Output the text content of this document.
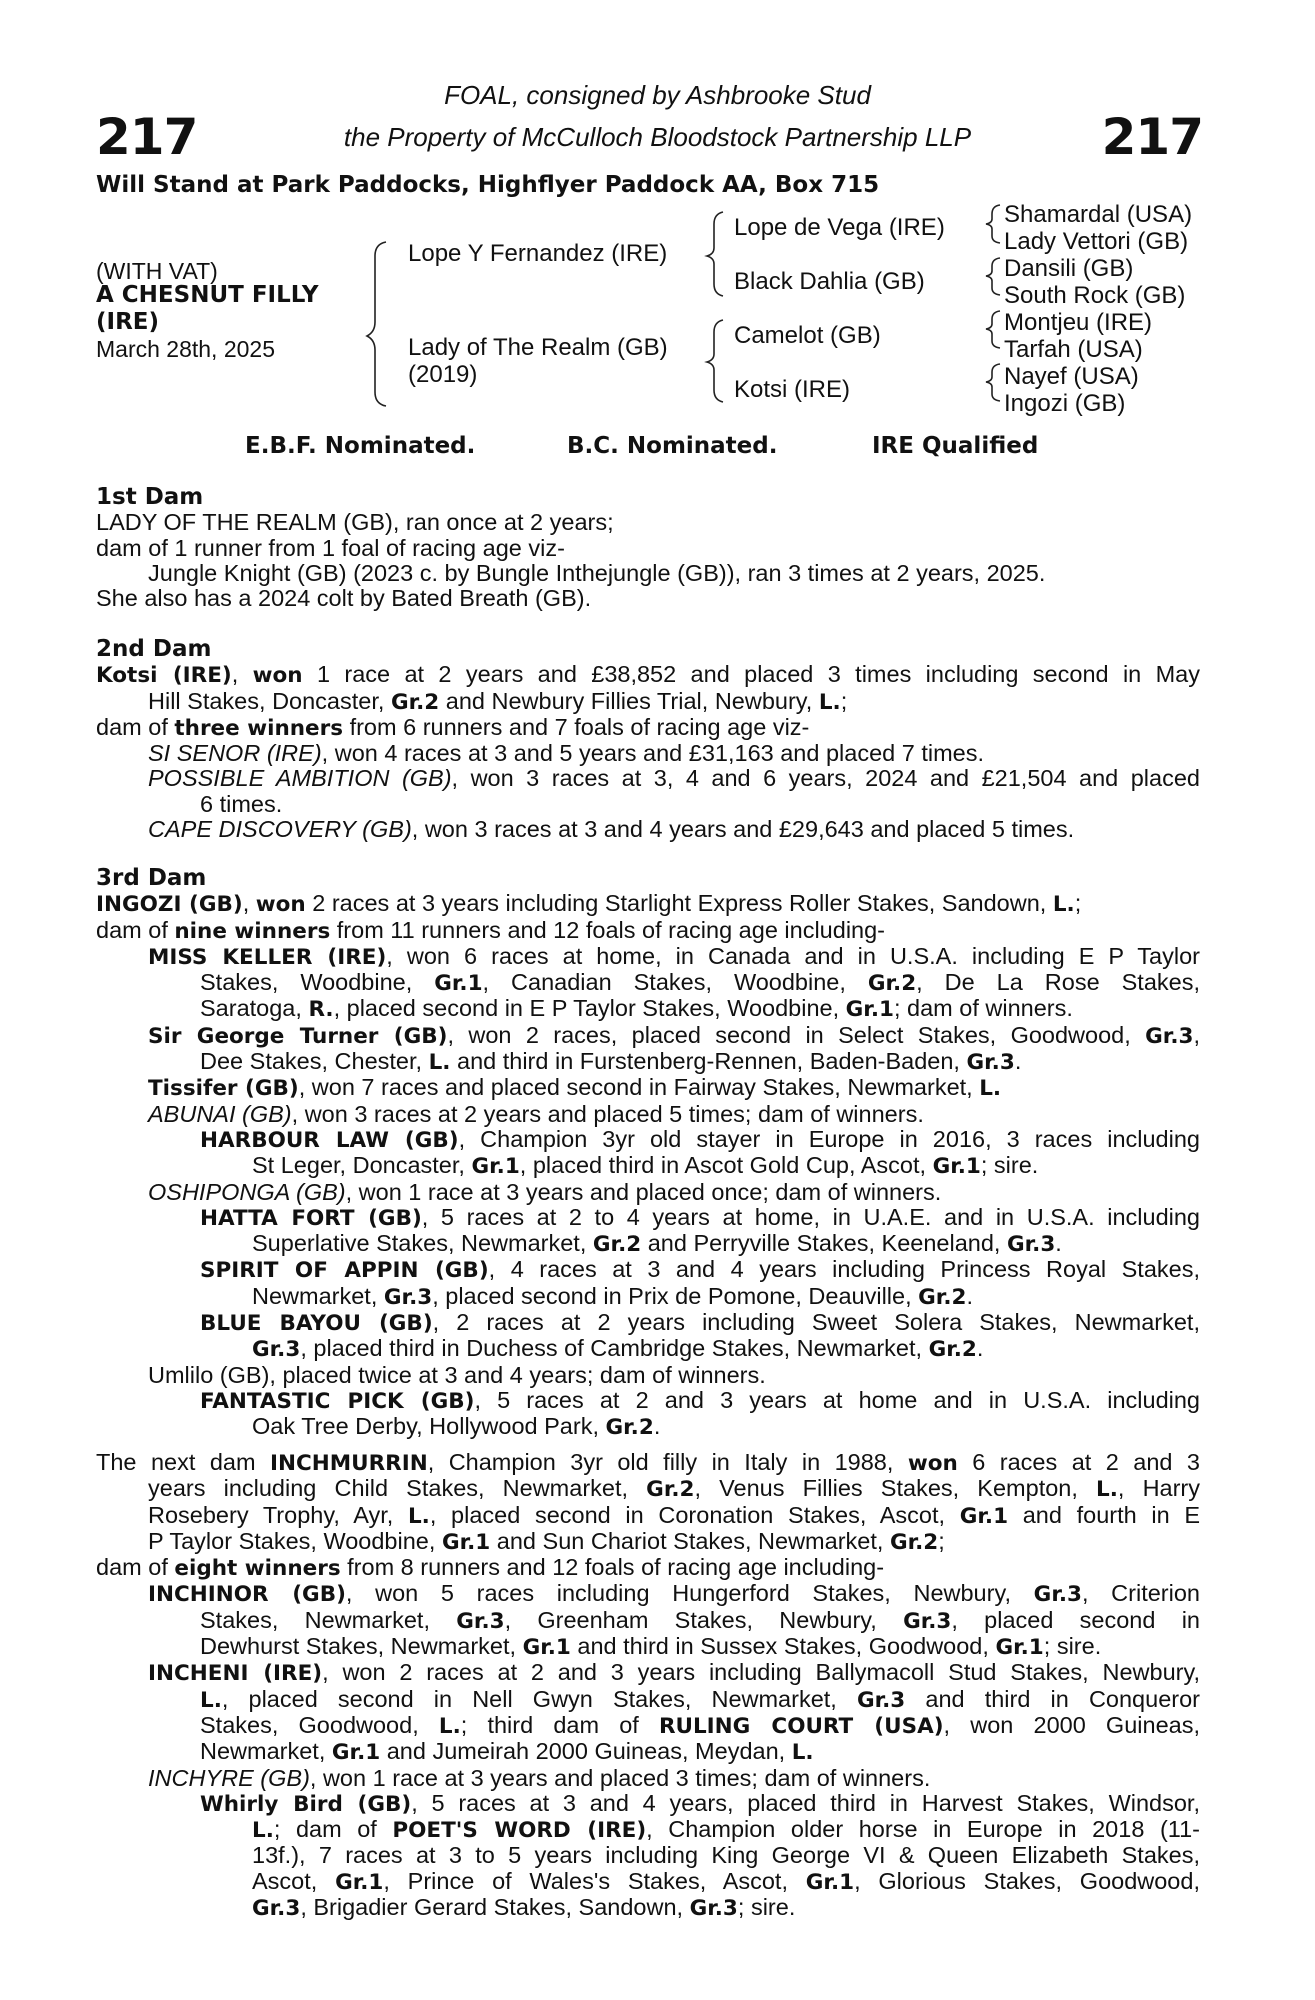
217	217
FOAL, consigned by Ashbrooke Stud
the Property of McCulloch Bloodstock Partnership LLP
Will Stand at Park Paddocks, Highflyer Paddock AA, Box 715
(WITH VAT)
A CHESNUT FILLY
(IRE)
March 28th, 2025
Lope Y Fernandez (IRE)
Lady of The Realm (GB)
(2019)
Lope de Vega (IRE)
Black Dahlia (GB)
Camelot (GB)
Kotsi (IRE)
Shamardal (USA)
Lady Vettori (GB)
Dansili (GB)
South Rock (GB)
Montjeu (IRE)
Tarfah (USA)
Nayef (USA)
Ingozi (GB)
E.B.F. Nominated.	B.C. Nominated.	IRE Qualified
1st Dam
LADY OF THE REALM (GB), ran once at 2 years;
dam of 1 runner from 1 foal of racing age viz-
Jungle Knight (GB) (2023 c. by Bungle Inthejungle (GB)), ran 3 times at 2 years, 2025.
She also has a 2024 colt by Bated Breath (GB).
2nd Dam
Kotsi (IRE), won 1 race at 2 years and £38,852 and placed 3 times including second in May
Hill Stakes, Doncaster, Gr.2 and Newbury Fillies Trial, Newbury, L.;
dam of three winners from 6 runners and 7 foals of racing age viz-
SI SENOR (IRE), won 4 races at 3 and 5 years and £31,163 and placed 7 times.
POSSIBLE AMBITION (GB), won 3 races at 3, 4 and 6 years, 2024 and £21,504 and placed
6 times.
CAPE DISCOVERY (GB), won 3 races at 3 and 4 years and £29,643 and placed 5 times.
3rd Dam
INGOZI (GB), won 2 races at 3 years including Starlight Express Roller Stakes, Sandown, L.;
dam of nine winners from 11 runners and 12 foals of racing age including-
MISS KELLER (IRE), won 6 races at home, in Canada and in U.S.A. including E P Taylor
Stakes, Woodbine, Gr.1, Canadian Stakes, Woodbine, Gr.2, De La Rose Stakes,
Saratoga, R., placed second in E P Taylor Stakes, Woodbine, Gr.1; dam of winners.
Sir George Turner (GB), won 2 races, placed second in Select Stakes, Goodwood, Gr.3,
Dee Stakes, Chester, L. and third in Furstenberg-Rennen, Baden-Baden, Gr.3.
Tissifer (GB), won 7 races and placed second in Fairway Stakes, Newmarket, L.
ABUNAI (GB), won 3 races at 2 years and placed 5 times; dam of winners.
HARBOUR LAW (GB), Champion 3yr old stayer in Europe in 2016, 3 races including
St Leger, Doncaster, Gr.1, placed third in Ascot Gold Cup, Ascot, Gr.1; sire.
OSHIPONGA (GB), won 1 race at 3 years and placed once; dam of winners.
HATTA FORT (GB), 5 races at 2 to 4 years at home, in U.A.E. and in U.S.A. including
Superlative Stakes, Newmarket, Gr.2 and Perryville Stakes, Keeneland, Gr.3.
SPIRIT OF APPIN (GB), 4 races at 3 and 4 years including Princess Royal Stakes,
Newmarket, Gr.3, placed second in Prix de Pomone, Deauville, Gr.2.
BLUE BAYOU (GB), 2 races at 2 years including Sweet Solera Stakes, Newmarket,
Gr.3, placed third in Duchess of Cambridge Stakes, Newmarket, Gr.2.
Umlilo (GB), placed twice at 3 and 4 years; dam of winners.
FANTASTIC PICK (GB), 5 races at 2 and 3 years at home and in U.S.A. including
Oak Tree Derby, Hollywood Park, Gr.2.
The next dam INCHMURRIN, Champion 3yr old filly in Italy in 1988, won 6 races at 2 and 3
years including Child Stakes, Newmarket, Gr.2, Venus Fillies Stakes, Kempton, L., Harry
Rosebery Trophy, Ayr, L., placed second in Coronation Stakes, Ascot, Gr.1 and fourth in E
P Taylor Stakes, Woodbine, Gr.1 and Sun Chariot Stakes, Newmarket, Gr.2;
dam of eight winners from 8 runners and 12 foals of racing age including-
INCHINOR (GB), won 5 races including Hungerford Stakes, Newbury, Gr.3, Criterion
Stakes, Newmarket, Gr.3, Greenham Stakes, Newbury, Gr.3, placed second in
Dewhurst Stakes, Newmarket, Gr.1 and third in Sussex Stakes, Goodwood, Gr.1; sire.
INCHENI (IRE), won 2 races at 2 and 3 years including Ballymacoll Stud Stakes, Newbury,
L., placed second in Nell Gwyn Stakes, Newmarket, Gr.3 and third in Conqueror
Stakes, Goodwood, L.; third dam of RULING COURT (USA), won 2000 Guineas,
Newmarket, Gr.1 and Jumeirah 2000 Guineas, Meydan, L.
INCHYRE (GB), won 1 race at 3 years and placed 3 times; dam of winners.
Whirly Bird (GB), 5 races at 3 and 4 years, placed third in Harvest Stakes, Windsor,
L.; dam of POET'S WORD (IRE), Champion older horse in Europe in 2018 (11-
13f.), 7 races at 3 to 5 years including King George VI & Queen Elizabeth Stakes,
Ascot, Gr.1, Prince of Wales's Stakes, Ascot, Gr.1, Glorious Stakes, Goodwood,
Gr.3, Brigadier Gerard Stakes, Sandown, Gr.3; sire.
